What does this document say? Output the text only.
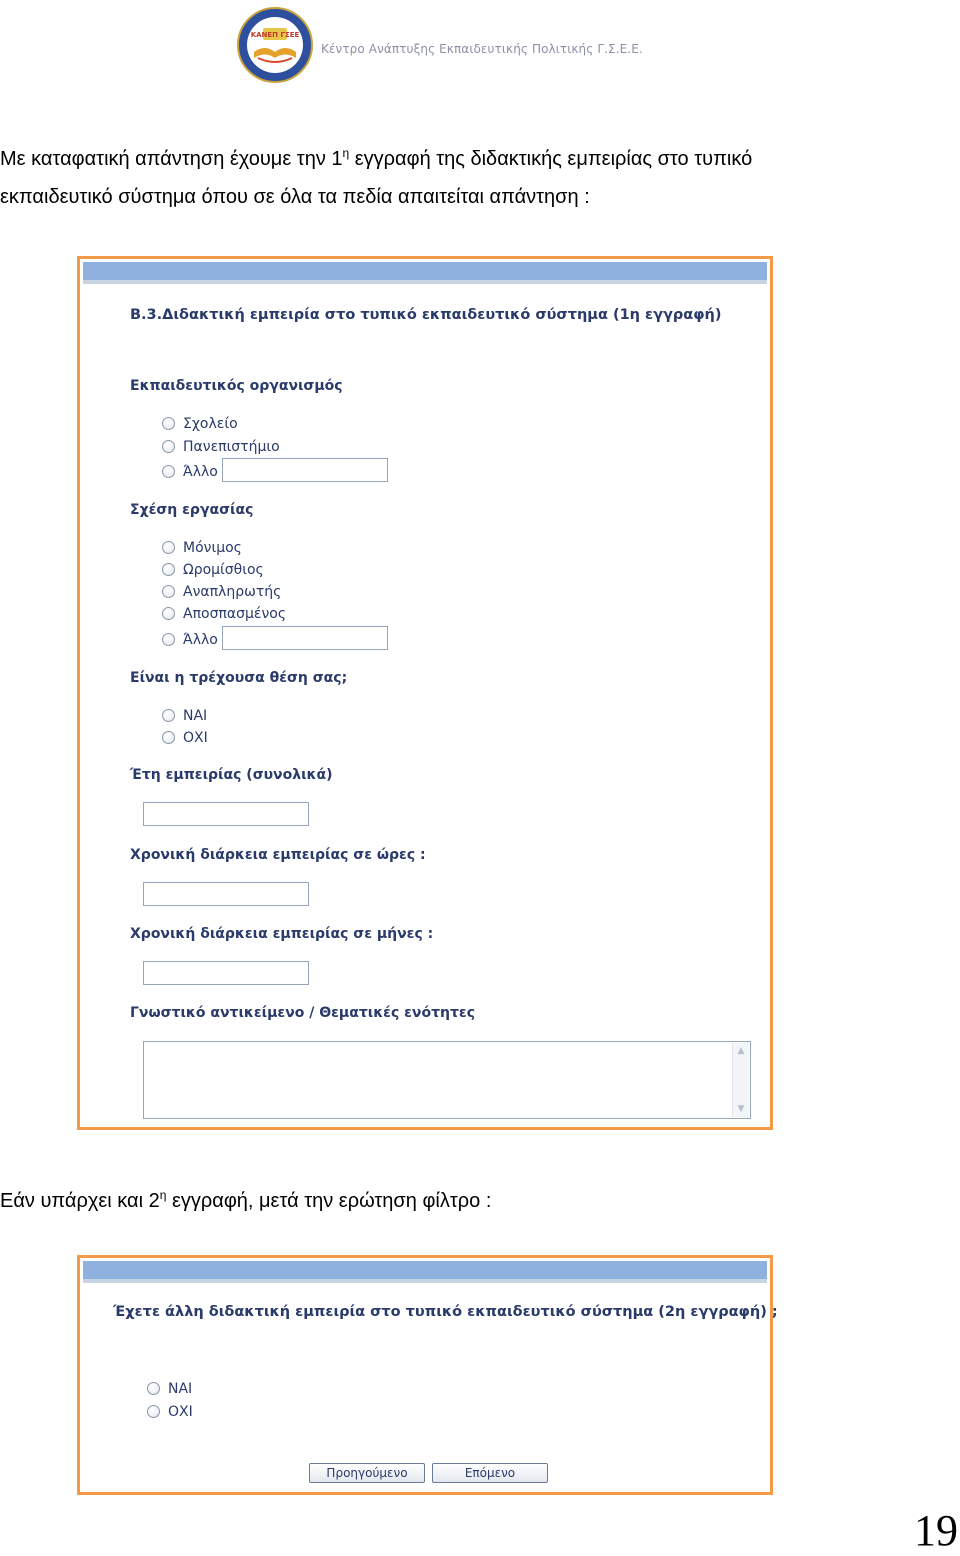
ΚΑΝΕΠ ΓΣΕΕ
Κέντρο Ανάπτυξης Εκπαιδευτικής Πολιτικής Γ.Σ.Ε.Ε.
Με καταφατική απάντηση έχουμε την $1^\eta$ εγγραφή της διδακτικής εμπειρίας στο τυπικό
εκπαιδευτικό σύστημα όπου σε όλα τα πεδία απαιτείται απάντηση :
Β.3.Διδακτική εμπειρία στο τυπικό εκπαιδευτικό σύστημα (1η εγγραφή)
Εκπαιδευτικός οργανισμός
Σχολείο
Πανεπιστήμιο
Άλλο
Σχέση εργασίας
Μόνιμος
Ωρομίσθιος
Αναπληρωτής
Αποσπασμένος
Άλλο
Είναι η τρέχουσα θέση σας;
ΝΑΙ
ΟΧΙ
Έτη εμπειρίας (συνολικά)
Χρονική διάρκεια εμπειρίας σε ώρες :
Χρονική διάρκεια εμπειρίας σε μήνες :
Γνωστικό αντικείμενο / Θεματικές ενότητες
▲
▼
Εάν υπάρχει και $2^\eta$ εγγραφή, μετά την ερώτηση φίλτρο :
Έχετε άλλη διδακτική εμπειρία στο τυπικό εκπαιδευτικό σύστημα (2η εγγραφή) ;
ΝΑΙ
ΟΧΙ
Προηγούμενο	Επόμενο
19
